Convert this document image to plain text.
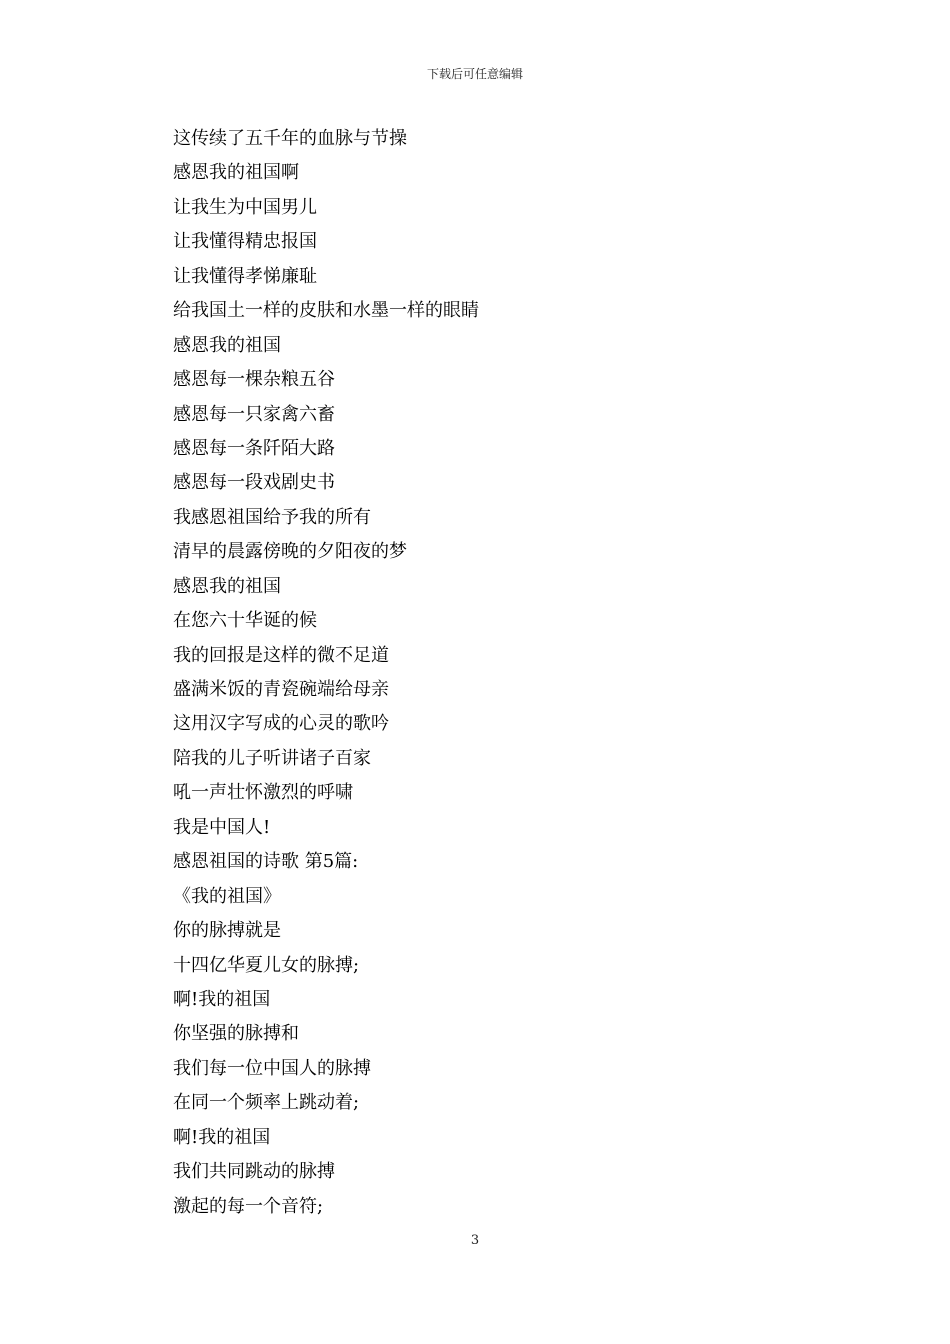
下载后可任意编辑
这传续了五千年的血脉与节操
感恩我的祖国啊
让我生为中国男儿
让我懂得精忠报国
让我懂得孝悌廉耻
给我国土一样的皮肤和水墨一样的眼睛
感恩我的祖国
感恩每一棵杂粮五谷
感恩每一只家禽六畜
感恩每一条阡陌大路
感恩每一段戏剧史书
我感恩祖国给予我的所有
清早的晨露傍晚的夕阳夜的梦
感恩我的祖国
在您六十华诞的候
我的回报是这样的微不足道
盛满米饭的青瓷碗端给母亲
这用汉字写成的心灵的歌吟
陪我的儿子听讲诸子百家
吼一声壮怀激烈的呼啸
我是中国人!
感恩祖国的诗歌 第5篇:
《我的祖国》
你的脉搏就是
十四亿华夏儿女的脉搏;
啊!我的祖国
你坚强的脉搏和
我们每一位中国人的脉搏
在同一个频率上跳动着;
啊!我的祖国
我们共同跳动的脉搏
激起的每一个音符;
3
